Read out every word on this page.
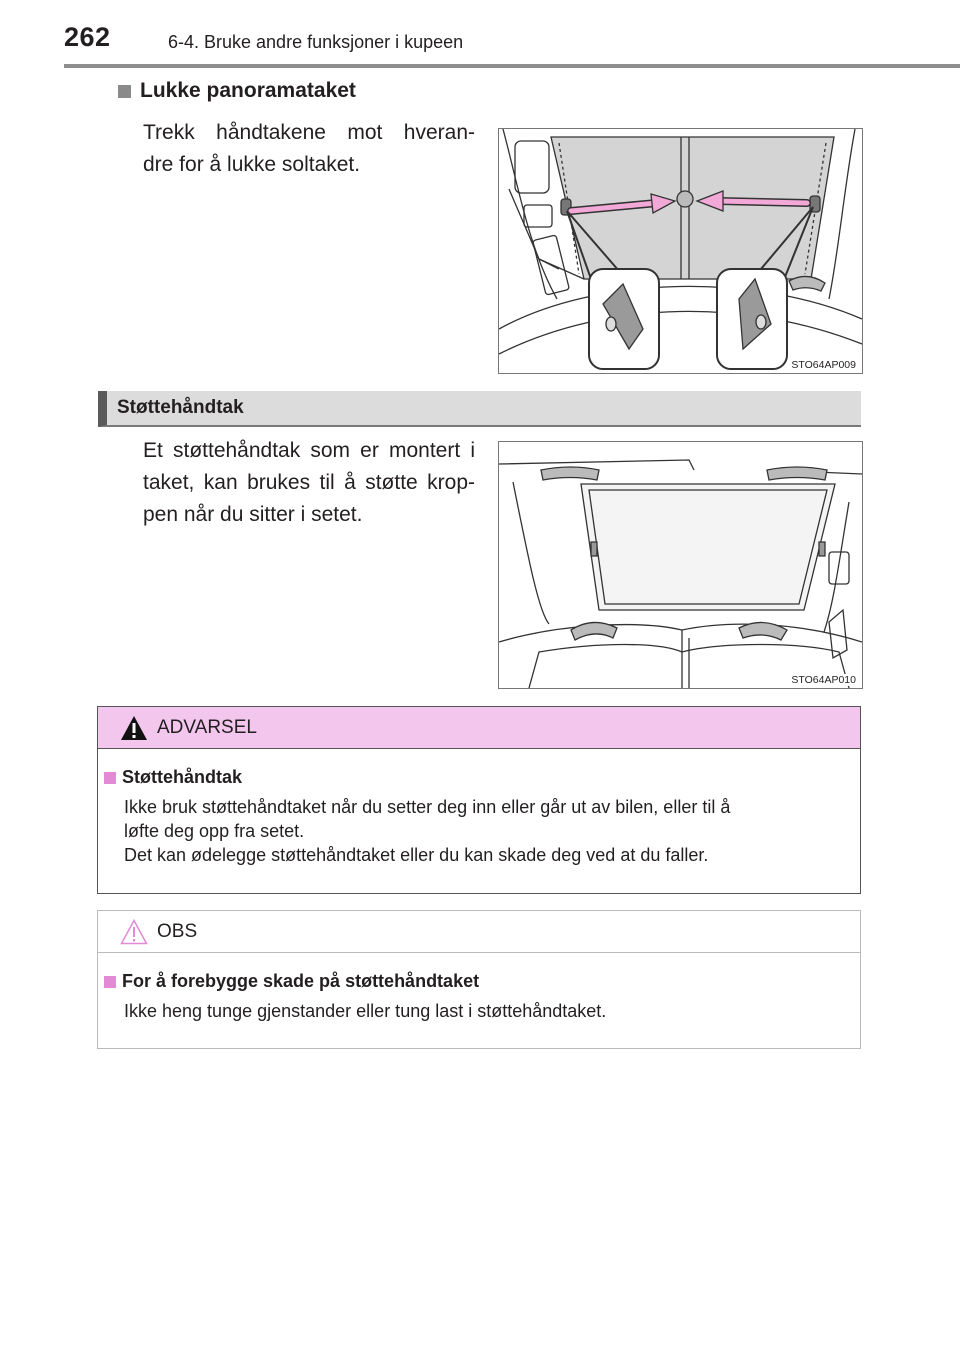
262	6-4. Bruke andre funksjoner i kupeen
Lukke panoramataket
Trekk håndtakene mot hveran-
dre for å lukke soltaket.
STO64AP009
Støttehåndtak
Et støttehåndtak som er montert i
taket, kan brukes til å støtte krop-
pen når du sitter i setet.
STO64AP010
ADVARSEL
Støttehåndtak
Ikke bruk støttehåndtaket når du setter deg inn eller går ut av bilen, eller til å
løfte deg opp fra setet.
Det kan ødelegge støttehåndtaket eller du kan skade deg ved at du faller.
OBS
For å forebygge skade på støttehåndtaket
Ikke heng tunge gjenstander eller tung last i støttehåndtaket.
